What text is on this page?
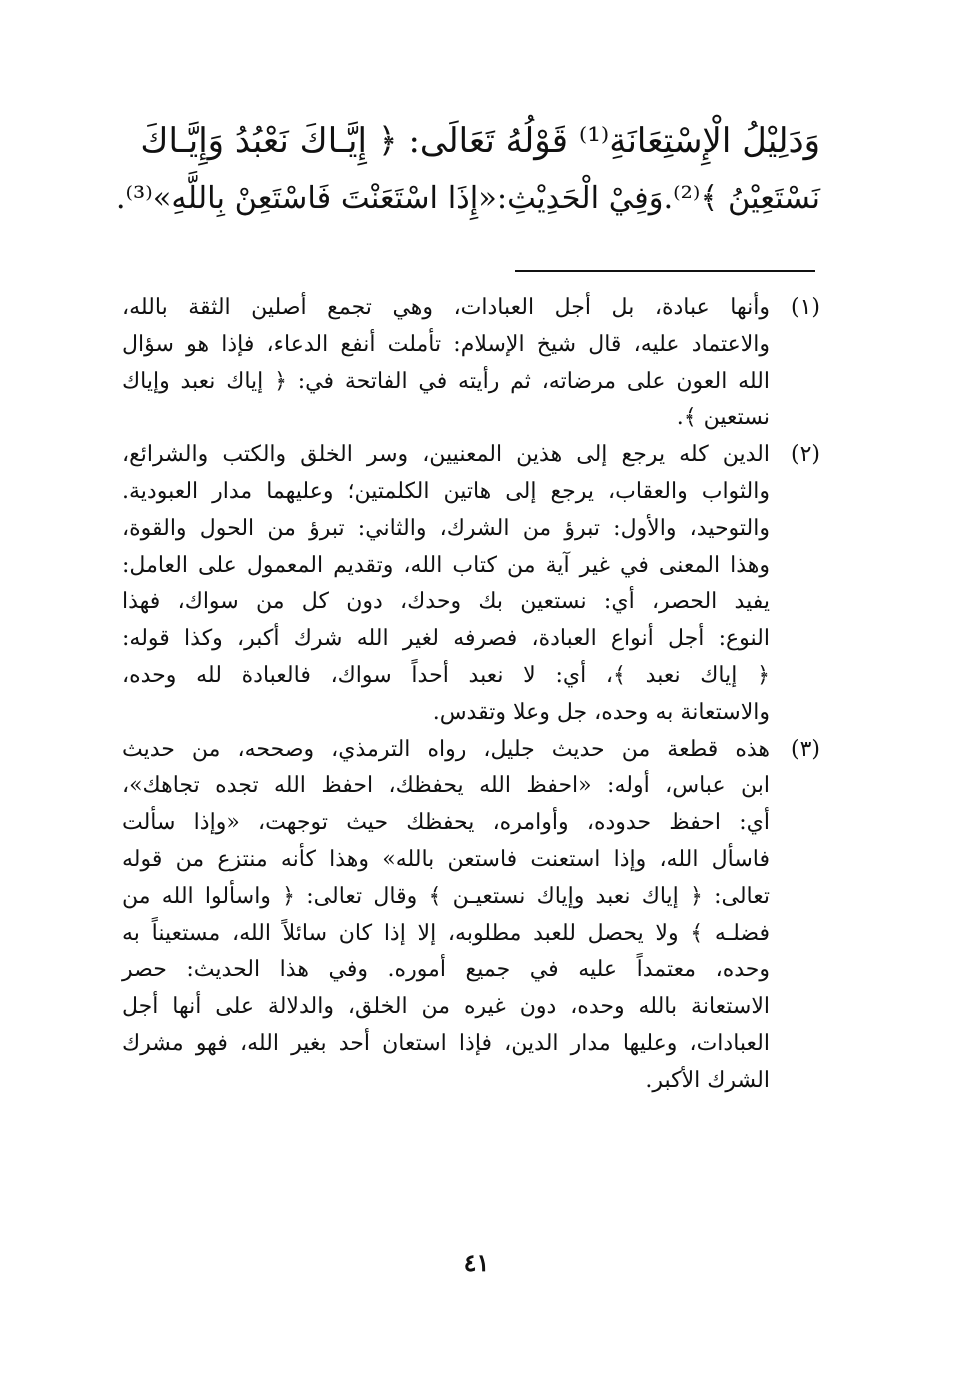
وَدَلِيْلُ الْإِسْتِعَانَةِ⁽¹⁾ قَوْلُهُ تَعَالَى: ﴿ إِيَّـاكَ نَعْبُدُ وَإِيَّـاكَ
نَسْتَعِيْنُ ﴾⁽²⁾.وَفِيْ الْحَدِيْثِ:«إِذَا اسْتَعَنْتَ فَاسْتَعِنْ بِاللَّهِ»⁽³⁾.
(١)
وأنها عبادة، بل أجل العبادات، وهي تجمع أصلين الثقة بالله،
والاعتماد عليه، قال شيخ الإسلام: تأملت أنفع الدعاء، فإذا هو سؤال
الله العون على مرضاته، ثم رأيته في الفاتحة في: ﴿ إياك نعبد وإياك
نستعين ﴾.
(٢)
الدين كله يرجع إلى هذين المعنيين، وسر الخلق والكتب والشرائع،
والثواب والعقاب، يرجع إلى هاتين الكلمتين؛ وعليهما مدار العبودية.
والتوحيد، والأول: تبرؤ من الشرك، والثاني: تبرؤ من الحول والقوة،
وهذا المعنى في غير آية من كتاب الله، وتقديم المعمول على العامل:
يفيد الحصر، أي: نستعين بك وحدك، دون كل من سواك، فهذا
النوع: أجل أنواع العبادة، فصرفه لغير الله شرك أكبر، وكذا قوله:
﴿ إياك نعبد ﴾، أي: لا نعبد أحداً سواك، فالعبادة لله وحده،
والاستعانة به وحده، جل وعلا وتقدس.
(٣)
هذه قطعة من حديث جليل، رواه الترمذي، وصححه، من حديث
ابن عباس، أوله: «احفظ الله يحفظك، احفظ الله تجده تجاهك»،
أي: احفظ حدوده، وأوامره، يحفظك حيث توجهت، «وإذا سألت
فاسأل الله، وإذا استعنت فاستعن بالله» وهذا كأنه منتزع من قوله
تعالى: ﴿ إياك نعبد وإياك نستعيـن ﴾ وقال تعالى: ﴿ واسألوا الله من
فضلـه ﴾ ولا يحصل للعبد مطلوبه، إلا إذا كان سائلاً الله، مستعيناً به
وحده، معتمداً عليه في جميع أموره. وفي هذا الحديث: حصر
الاستعانة بالله وحده، دون غيره من الخلق، والدلالة على أنها أجل
العبادات، وعليها مدار الدين، فإذا استعان أحد بغير الله، فهو مشرك
الشرك الأكبر.
٤١
